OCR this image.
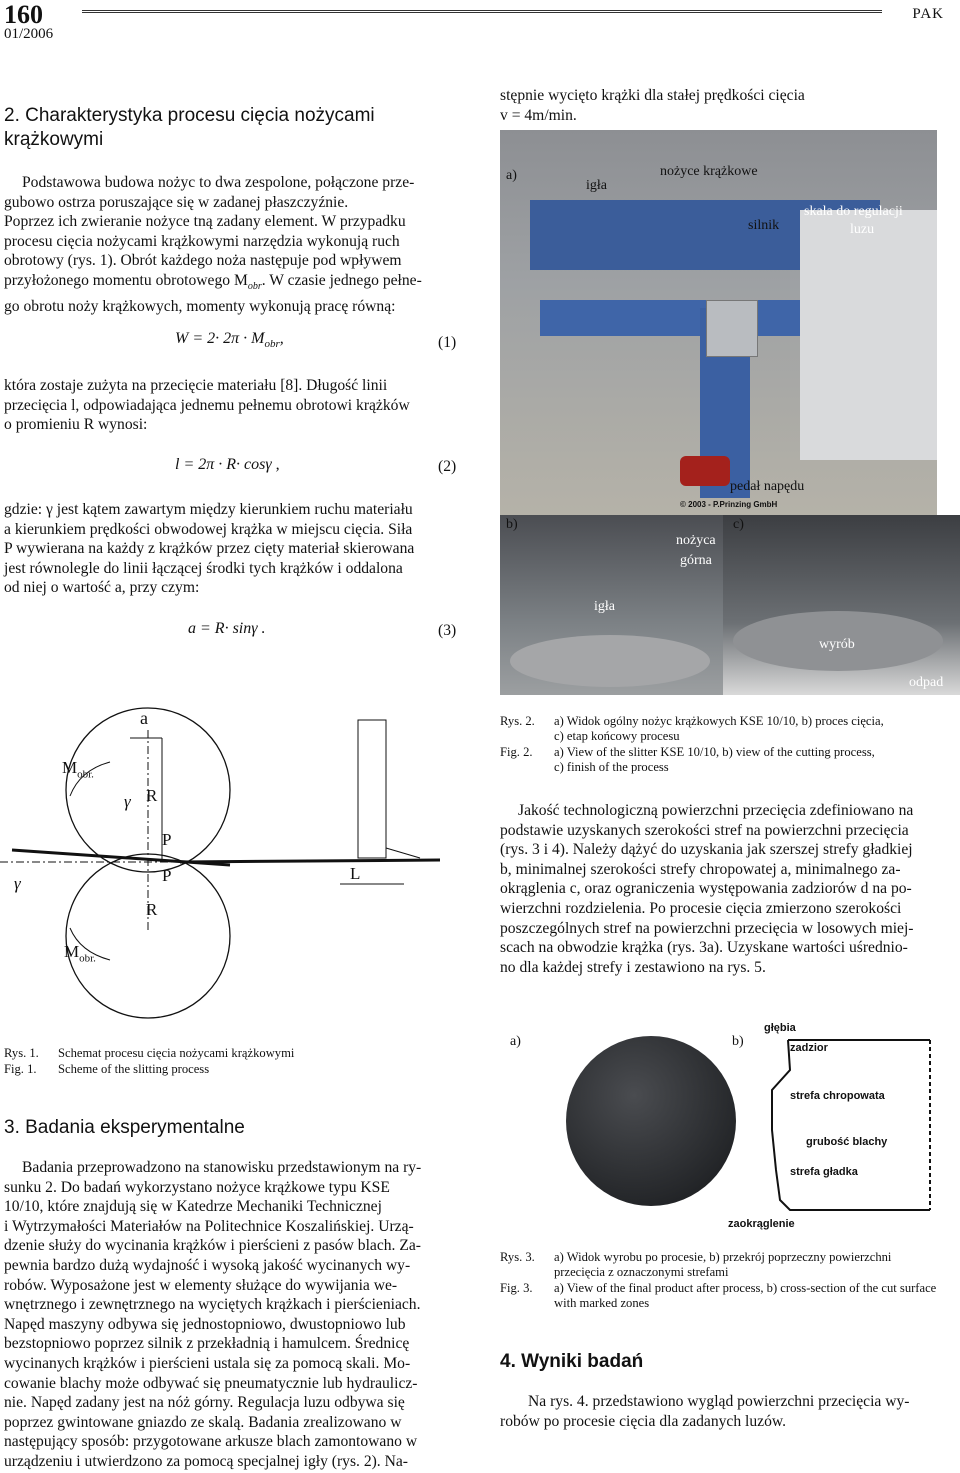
160
01/2006
PAK
2. Charakterystyka procesu cięcia nożycami
krążkowymi
Podstawowa budowa nożyc to dwa zespolone, połączone prze-
gubowo ostrza poruszające się w zadanej płaszczyźnie.
Poprzez ich zwieranie nożyce tną zadany element. W przypadku
procesu cięcia nożycami krążkowymi narzędzia wykonują ruch
obrotowy (rys. 1). Obrót każdego noża następuje pod wpływem
przyłożonego momentu obrotowego $M_{obr}$. W czasie jednego pełne-
go obrotu noży krążkowych, momenty wykonują pracę równą:
$W = 2\cdot 2\pi \cdot M_{obr}$,	(1)
która zostaje zużyta na przecięcie materiału [8]. Długość linii
przecięcia l, odpowiadająca jednemu pełnemu obrotowi krążków
o promieniu R wynosi:
l = 2π · R· cosγ ,	(2)
gdzie: γ jest kątem zawartym między kierunkiem ruchu materiału
a kierunkiem prędkości obwodowej krążka w miejscu cięcia. Siła
P wywierana na każdy z krążków przez cięty materiał skierowana
jest równolegle do linii łączącej środki tych krążków i oddalona
od niej o wartość a, przy czym:
a = R· sinγ .	(3)
a
$M_{obr.}$
$M_{obr.}$
γ
γ
R
R
P
P	L
Rys. 1. Schemat procesu cięcia nożycami krążkowymi
Fig. 1. Scheme of the slitting process
3. Badania eksperymentalne
Badania przeprowadzono na stanowisku przedstawionym na ry-
sunku 2. Do badań wykorzystano nożyce krążkowe typu KSE
10/10, które znajdują się w Katedrze Mechaniki Technicznej
i Wytrzymałości Materiałów na Politechnice Koszalińskiej. Urzą-
dzenie służy do wycinania krążków i pierścieni z pasów blach. Za-
pewnia bardzo dużą wydajność i wysoką jakość wycinanych wy-
robów. Wyposażone jest w elementy służące do wywijania we-
wnętrznego i zewnętrznego na wyciętych krążkach i pierścieniach.
Napęd maszyny odbywa się jednostopniowo, dwustopniowo lub
bezstopniowo poprzez silnik z przekładnią i hamulcem. Średnicę
wycinanych krążków i pierścieni ustala się za pomocą skali. Mo-
cowanie blachy może odbywać się pneumatycznie lub hydraulicz-
nie. Napęd zadany jest na nóż górny. Regulacja luzu odbywa się
poprzez gwintowane gniazdo ze skalą. Badania zrealizowano w
następujący sposób: przygotowane arkusze blach zamontowano w
urządzeniu i utwierdzono za pomocą specjalnej igły (rys. 2). Na-
stępnie wycięto krążki dla stałej prędkości cięcia
v = 4m/min.
a)
igła
nożyce krążkowe
silnik
skala do regulacji
luzu
pedał napędu
© 2003 - P.Prinzing GmbH
b)
nożyca
górna
igła
c)
wyrób
odpad
Rys. 2. a) Widok ogólny nożyc krążkowych KSE 10/10, b) proces cięcia,
c) etap końcowy procesu
Fig. 2. a) View of the slitter KSE 10/10, b) view of the cutting process,
c) finish of the process
Jakość technologiczną powierzchni przecięcia zdefiniowano na
podstawie uzyskanych szerokości stref na powierzchni przecięcia
(rys. 3 i 4). Należy dążyć do uzyskania jak szerszej strefy gładkiej
b, minimalnej szerokości strefy chropowatej a, minimalnego za-
okrąglenia c, oraz ograniczenia występowania zadziorów d na po-
wierzchni rozdzielenia. Po procesie cięcia zmierzono szerokości
poszczególnych stref na powierzchni przecięcia w losowych miej-
scach na obwodzie krążka (rys. 3a). Uzyskane wartości uśrednio-
no dla każdej strefy i zestawiono na rys. 5.
a)	b)
głębia
zadzior
strefa chropowata
grubość blachy
strefa gładka
zaokrąglenie
Rys. 3. a) Widok wyrobu po procesie, b) przekrój poprzeczny powierzchni
przecięcia z oznaczonymi strefami
Fig. 3. a) View of the final product after process, b) cross-section of the cut surface
with marked zones
4. Wyniki badań
Na rys. 4. przedstawiono wygląd powierzchni przecięcia wy-
robów po procesie cięcia dla zadanych luzów.
